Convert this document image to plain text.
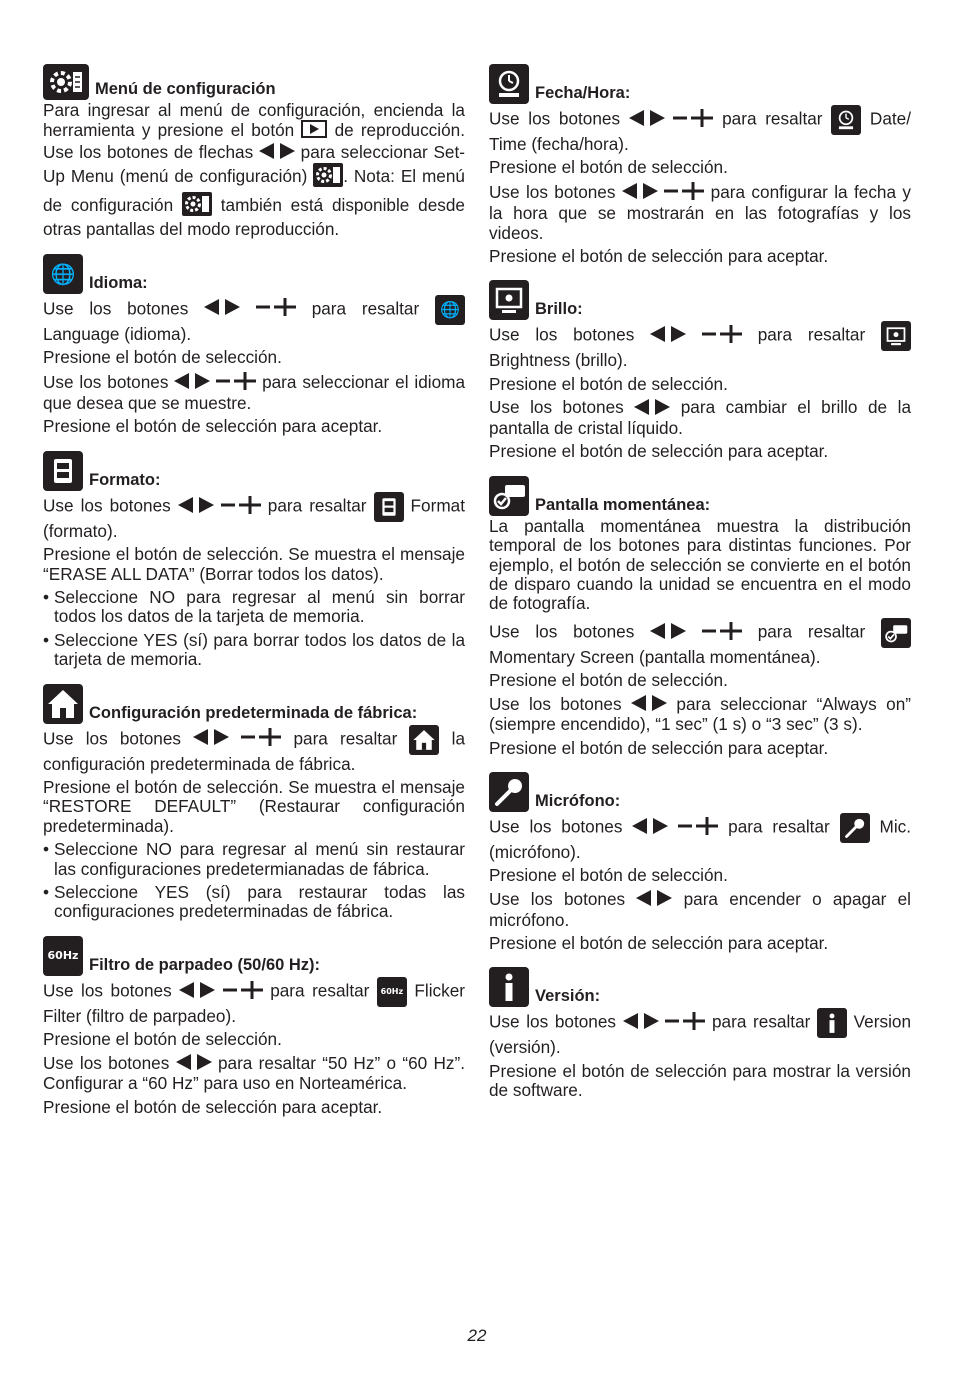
Menú de configuración

Para ingresar al menú de configuración, encienda la herramienta y presione el botón de reproducción. Use los botones de flechas	para seleccionar Set-Up Menu (menú de configuración) . Nota: El menú de configuración	también está disponible desde otras pantallas del modo reproducción.

🌐 Idioma:

Use los botones	para resaltar 🌐
Language (idioma).

Presione el botón de selección.

Use los botones	para seleccionar el idioma que desea que se muestre.

Presione el botón de selección para aceptar.

Formato:

Use los botones	para resaltar	Format (formato).

Presione el botón de selección. Se muestra el mensaje “ERASE ALL DATA” (Borrar todos los datos).

• Seleccione NO para regresar al menú sin borrar todos los datos de la tarjeta de memoria.
• Seleccione YES (sí) para borrar todos los datos de la tarjeta de memoria.
Configuración predeterminada de fábrica:

Use los botones	para resaltar	la configuración predeterminada de fábrica.

Presione el botón de selección. Se muestra el mensaje “RESTORE DEFAULT” (Restaurar configuración predeterminada).

• Seleccione NO para regresar al menú sin restaurar las configuraciones predetermianadas de fábrica.
• Seleccione YES (sí) para restaurar todas las configuraciones predeterminadas de fábrica.
60Hz Filtro de parpadeo (50/60 Hz):

Use los botones	para resaltar 60Hz Flicker Filter (filtro de parpadeo).

Presione el botón de selección.

Use los botones	para resaltar “50 Hz” o “60 Hz”. Configurar a “60 Hz” para uso en Norteamérica.

Presione el botón de selección para aceptar.

Fecha/Hora:

Use los botones	para resaltar	Date/ Time (fecha/hora).

Presione el botón de selección.

Use los botones	para configurar la fecha y la hora que se mostrarán en las fotografías y los videos.

Presione el botón de selección para aceptar.

Brillo:

Use los botones	para resaltar
Brightness (brillo).

Presione el botón de selección.

Use los botones	para cambiar el brillo de la pantalla de cristal líquido.

Presione el botón de selección para aceptar.

Pantalla momentánea:

La pantalla momentánea muestra la distribución temporal de los botones para distintas funciones. Por ejemplo, el botón de selección se convierte en el botón de disparo cuando la unidad se encuentra en el modo de fotografía.

Use los botones	para resaltar
Momentary Screen (pantalla momentánea).

Presione el botón de selección.

Use los botones	para seleccionar “Always on” (siempre encendido), “1 sec” (1 s) o “3 sec” (3 s).

Presione el botón de selección para aceptar.

Micrófono:

Use los botones	para resaltar	Mic. (micrófono).

Presione el botón de selección.

Use los botones	para encender o apagar el micrófono.

Presione el botón de selección para aceptar.

Versión:

Use los botones	para resaltar	Version (versión).

Presione el botón de selección para mostrar la versión de software.

22
